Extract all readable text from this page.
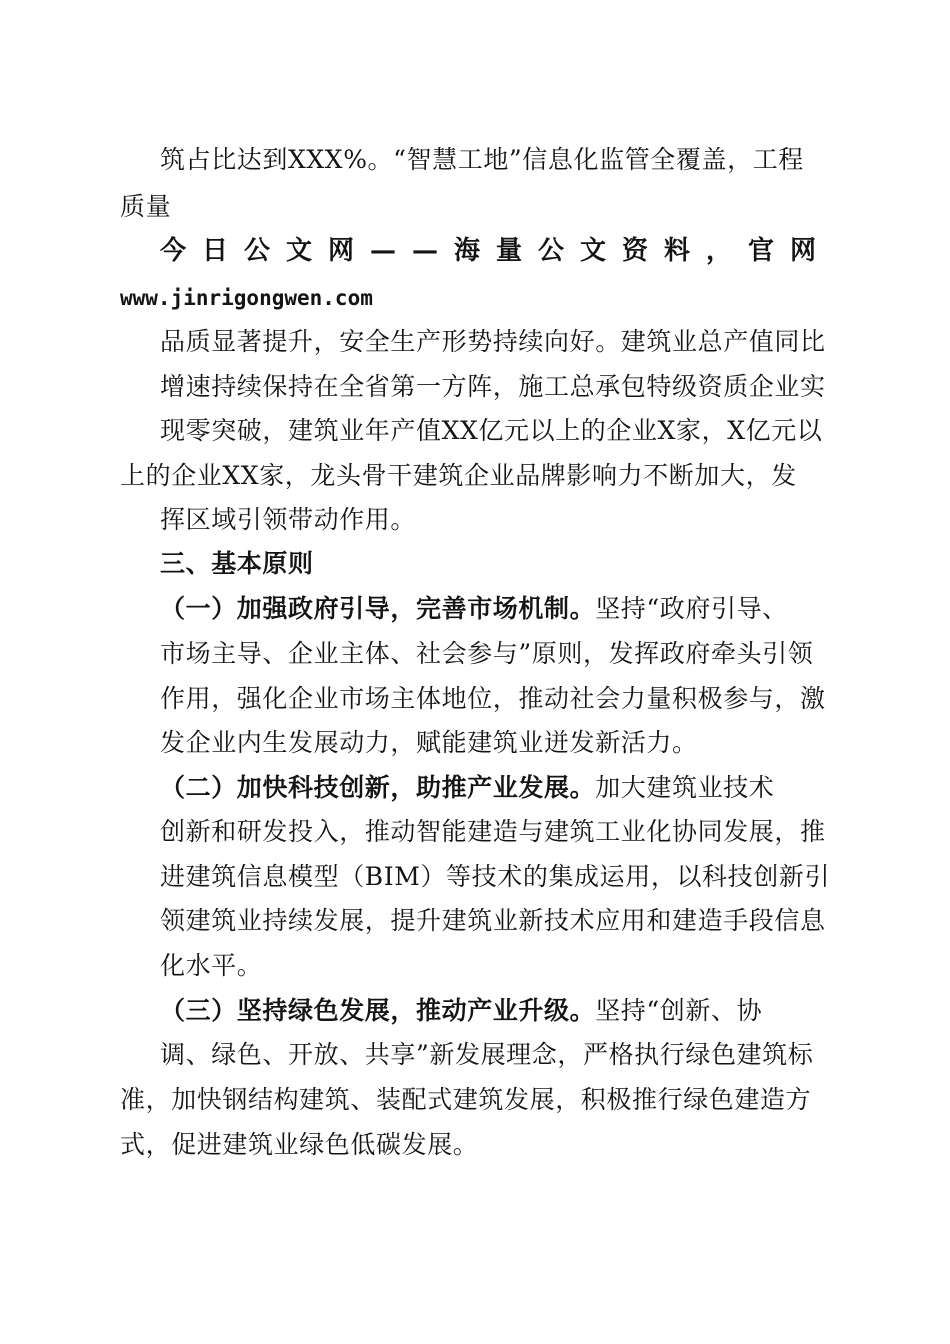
筑占比达到XXX%。“智慧工地”信息化监管全覆盖，工程
质量
今日公文网——海量公文资料，官网
www.jinrigongwen.com
品质显著提升，安全生产形势持续向好。建筑业总产值同比
增速持续保持在全省第一方阵，施工总承包特级资质企业实
现零突破，建筑业年产值XX亿元以上的企业X家，X亿元以
上的企业XX家，龙头骨干建筑企业品牌影响力不断加大，发
挥区域引领带动作用。
三、基本原则
（一）加强政府引导，完善市场机制。坚持“政府引导、
市场主导、企业主体、社会参与”原则，发挥政府牵头引领
作用，强化企业市场主体地位，推动社会力量积极参与，激
发企业内生发展动力，赋能建筑业迸发新活力。
（二）加快科技创新，助推产业发展。加大建筑业技术
创新和研发投入，推动智能建造与建筑工业化协同发展，推
进建筑信息模型（BIM）等技术的集成运用，以科技创新引
领建筑业持续发展，提升建筑业新技术应用和建造手段信息
化水平。
（三）坚持绿色发展，推动产业升级。坚持“创新、协
调、绿色、开放、共享”新发展理念，严格执行绿色建筑标
准，加快钢结构建筑、装配式建筑发展，积极推行绿色建造方
式，促进建筑业绿色低碳发展。
